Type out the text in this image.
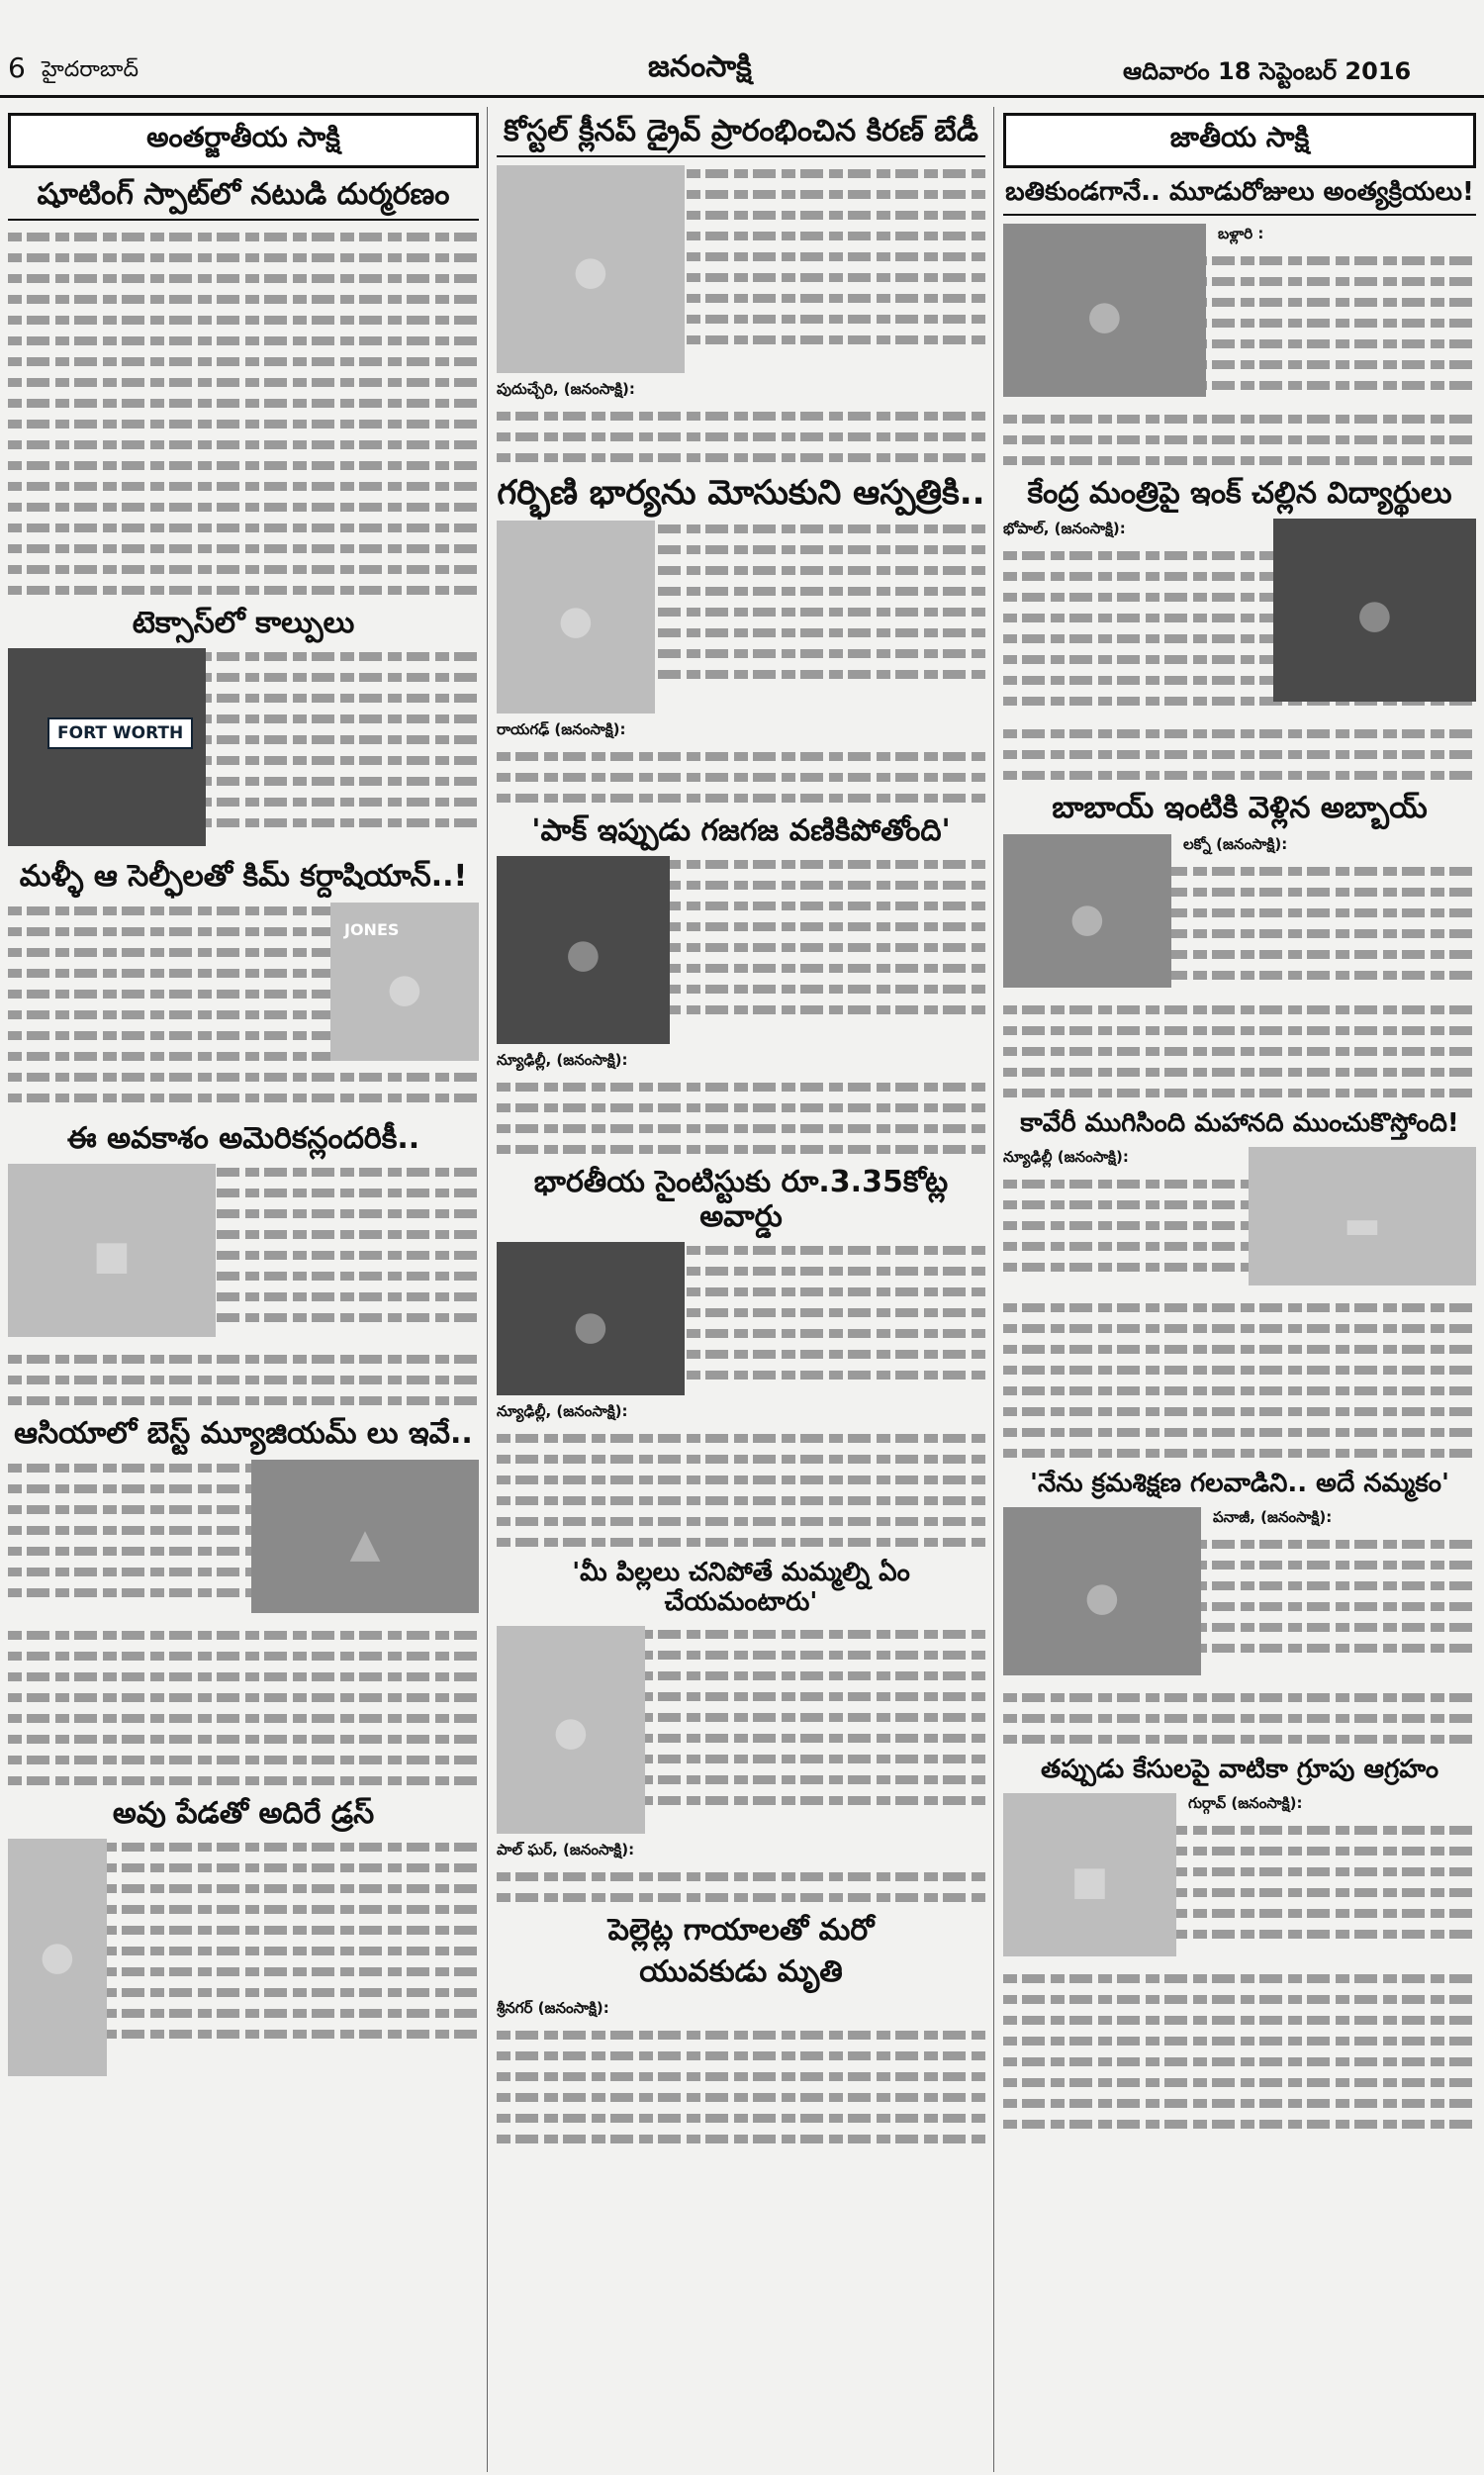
6 హైదరాబాద్	జనంసాక్షి	ఆదివారం 18 సెప్టెంబర్ 2016
అంతర్జాతీయ సాక్షి
షూటింగ్ స్పాట్‌లో నటుడి దుర్మరణం
టెక్సాస్‌లో కాల్పులు
FORT WORTH
మళ్ళీ ఆ సెల్ఫీలతో కిమ్ కర్దాషియాన్..!
JONES
●
ఈ అవకాశం అమెరికన్లందరికీ..
■
ఆసియాలో బెస్ట్ మ్యూజియమ్ లు ఇవే..
▲
అవు పేడతో అదిరే డ్రస్
●
కోస్టల్ క్లీనప్ డ్రైవ్ ప్రారంభించిన కిరణ్ బేడీ
●
పుదుచ్చేరి, (జనంసాక్షి):
గర్భిణి భార్యను మోసుకుని ఆస్పత్రికి..
●
రాయగఢ్ (జనంసాక్షి):
'పాక్ ఇప్పుడు గజగజ వణికిపోతోంది'
●
న్యూఢిల్లీ, (జనంసాక్షి):
భారతీయ సైంటిస్టుకు రూ.3.35కోట్ల అవార్డు
●
న్యూఢిల్లీ, (జనంసాక్షి):
'మీ పిల్లలు చనిపోతే మమ్మల్ని ఏం చేయమంటారు'
●
పాల్ ఘర్, (జనంసాక్షి):
పెల్లెట్ల గాయాలతో మరో
యువకుడు మృతి
శ్రీనగర్ (జనంసాక్షి):
జాతీయ సాక్షి
బతికుండగానే.. మూడురోజులు అంత్యక్రియలు!
●
బళ్లారి :
కేంద్ర మంత్రిపై ఇంక్ చల్లిన విద్యార్థులు
●
భోపాల్, (జనంసాక్షి):
బాబాయ్ ఇంటికి వెళ్లిన అబ్బాయ్
●
లక్నో (జనంసాక్షి):
కావేరీ ముగిసింది మహానది ముంచుకొస్తోంది!
▬
న్యూఢిల్లీ (జనంసాక్షి):
'నేను క్రమశిక్షణ గలవాడిని.. అదే నమ్మకం'
●
పనాజీ, (జనంసాక్షి):
తప్పుడు కేసులపై వాటికా గ్రూపు ఆగ్రహం
■
గుర్గావ్ (జనంసాక్షి):
